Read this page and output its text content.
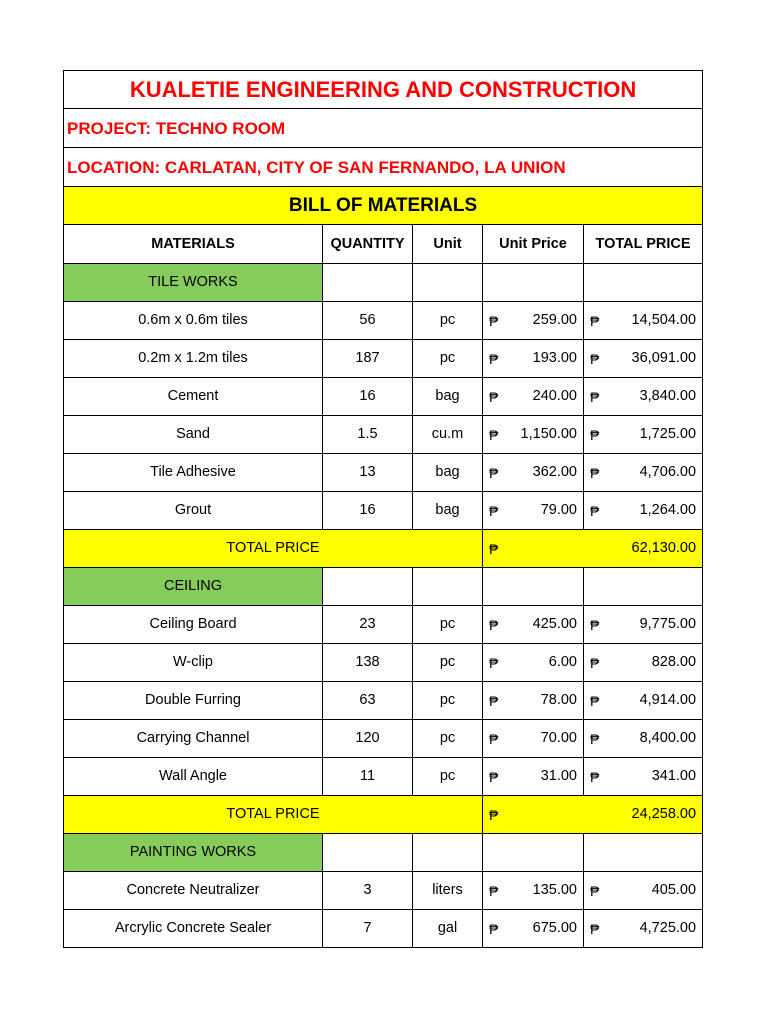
KUALETIE ENGINEERING AND CONSTRUCTION				
PROJECT: TECHNO ROOM				
LOCATION: CARLATAN, CITY OF SAN FERNANDO, LA UNION				
BILL OF MATERIALS				
MATERIALS	QUANTITY	Unit	Unit Price	TOTAL PRICE
TILE WORKS				
0.6m x 0.6m tiles	56	pc	₱ 259.00	₱ 14,504.00

0.2m x 1.2m tiles	187	pc	₱ 193.00	₱ 36,091.00

Cement	16	bag	₱ 240.00	₱ 3,840.00

Sand	1.5	cu.m	₱ 1,150.00	₱ 1,725.00

Tile Adhesive	13	bag	₱ 362.00	₱ 4,706.00

Grout	16	bag	₱ 79.00	₱ 1,264.00

TOTAL PRICE			₱ 62,130.00	

CEILING				
Ceiling Board	23	pc	₱ 425.00	₱ 9,775.00

W-clip	138	pc	₱ 6.00	₱ 828.00

Double Furring	63	pc	₱ 78.00	₱ 4,914.00

Carrying Channel	120	pc	₱ 70.00	₱ 8,400.00

Wall Angle	11	pc	₱ 31.00	₱ 341.00

TOTAL PRICE			₱ 24,258.00	

PAINTING WORKS				
Concrete Neutralizer	3	liters	₱ 135.00	₱ 405.00

Arcrylic Concrete Sealer	7	gal	₱ 675.00	₱ 4,725.00
